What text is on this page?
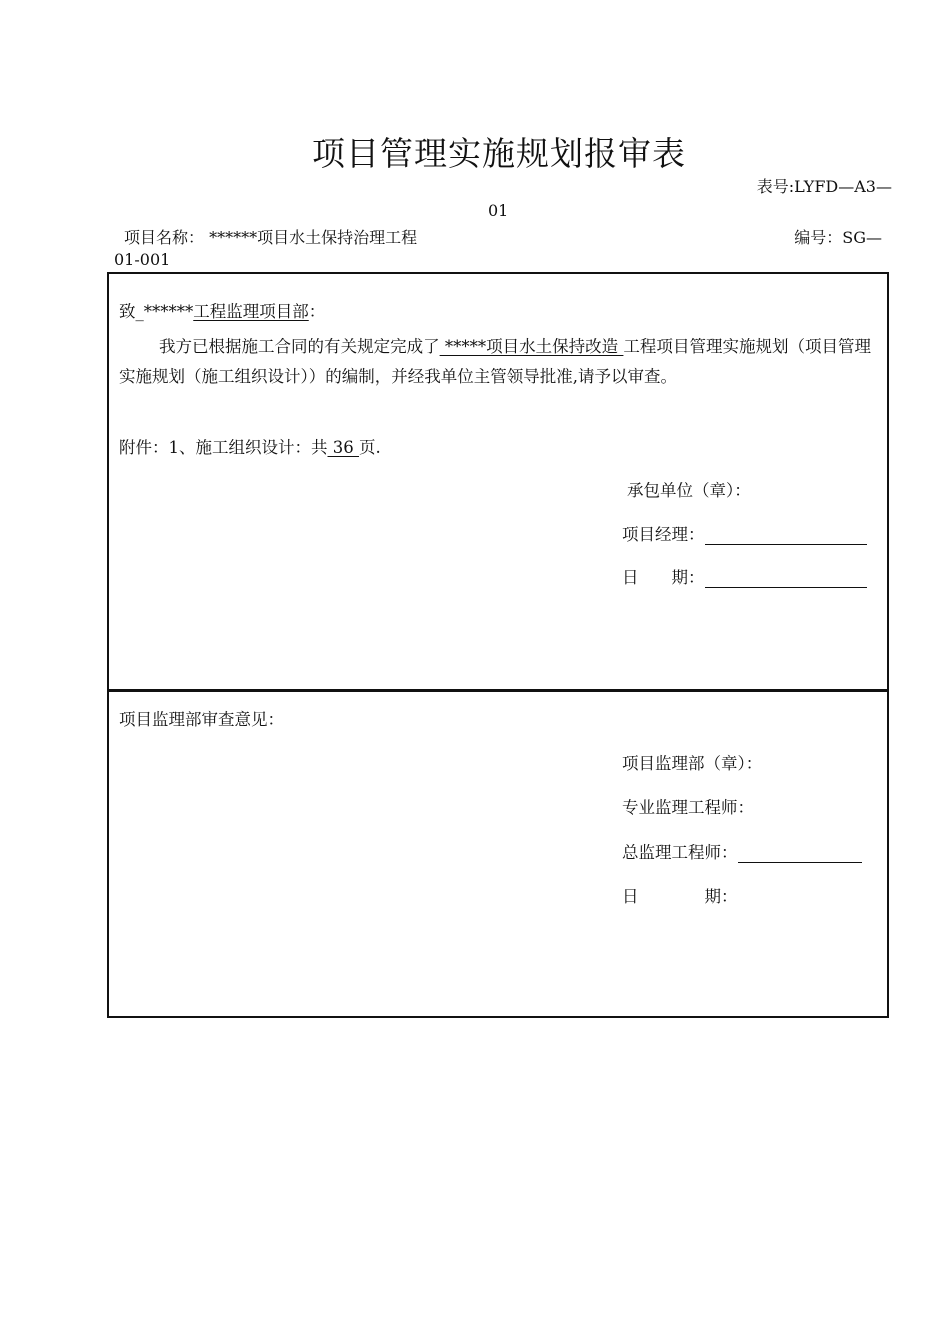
项目管理实施规划报审表
表号:LYFD—A3—
01
项目名称： ******项目水土保持治理工程	编号：SG—
01-001
致_******工程监理项目部：
我方已根据施工合同的有关规定完成了 *****项目水土保持改造 工程项目管理实施规划（项目管理实施规划（施工组织设计））的编制，并经我单位主管领导批准,请予以审查。
附件：1、施工组织设计：共 36 页.
承包单位（章）：
项目经理：
日　　期：
项目监理部审查意见：
项目监理部（章）：
专业监理工程师：
总监理工程师：
日　　　　期：
